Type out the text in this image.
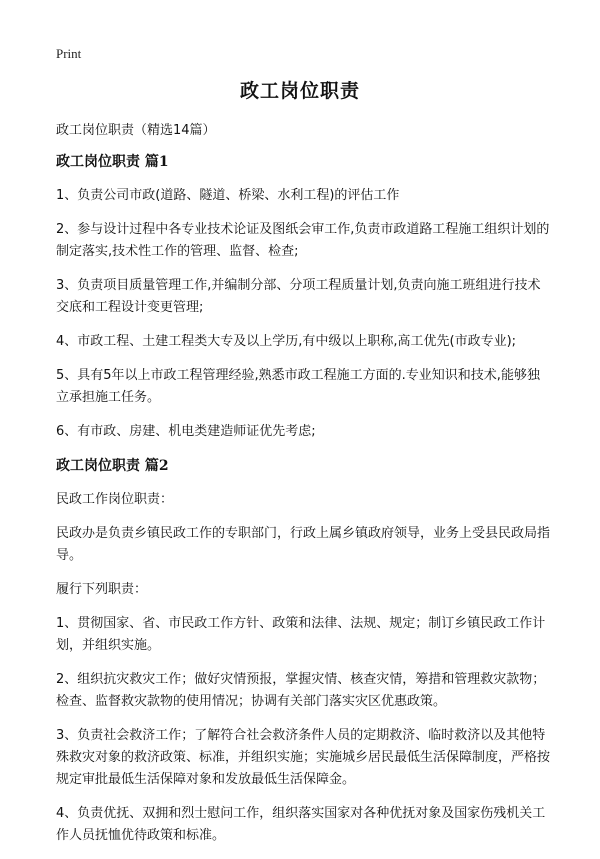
Print
政工岗位职责

政工岗位职责（精选14篇）

政工岗位职责 篇1

1、负责公司市政(道路、隧道、桥梁、水利工程)的评估工作

2、参与设计过程中各专业技术论证及图纸会审工作,负责市政道路工程施工组织计划的制定落实,技术性工作的管理、监督、检查;

3、负责项目质量管理工作,并编制分部、分项工程质量计划,负责向施工班组进行技术交底和工程设计变更管理;

4、市政工程、土建工程类大专及以上学历,有中级以上职称,高工优先(市政专业);

5、具有5年以上市政工程管理经验,熟悉市政工程施工方面的.专业知识和技术,能够独立承担施工任务。

6、有市政、房建、机电类建造师证优先考虑;

政工岗位职责 篇2

民政工作岗位职责：

民政办是负责乡镇民政工作的专职部门，行政上属乡镇政府领导，业务上受县民政局指导。

履行下列职责：

1、贯彻国家、省、市民政工作方针、政策和法律、法规、规定；制订乡镇民政工作计划，并组织实施。

2、组织抗灾救灾工作；做好灾情预报，掌握灾情、核查灾情，筹措和管理救灾款物；检查、监督救灾款物的使用情况；协调有关部门落实灾区优惠政策。

3、负责社会救济工作；了解符合社会救济条件人员的定期救济、临时救济以及其他特殊救灾对象的救济政策、标准，并组织实施；实施城乡居民最低生活保障制度，严格按规定审批最低生活保障对象和发放最低生活保障金。

4、负责优抚、双拥和烈士慰问工作，组织落实国家对各种优抚对象及国家伤残机关工作人员抚恤优待政策和标准。
